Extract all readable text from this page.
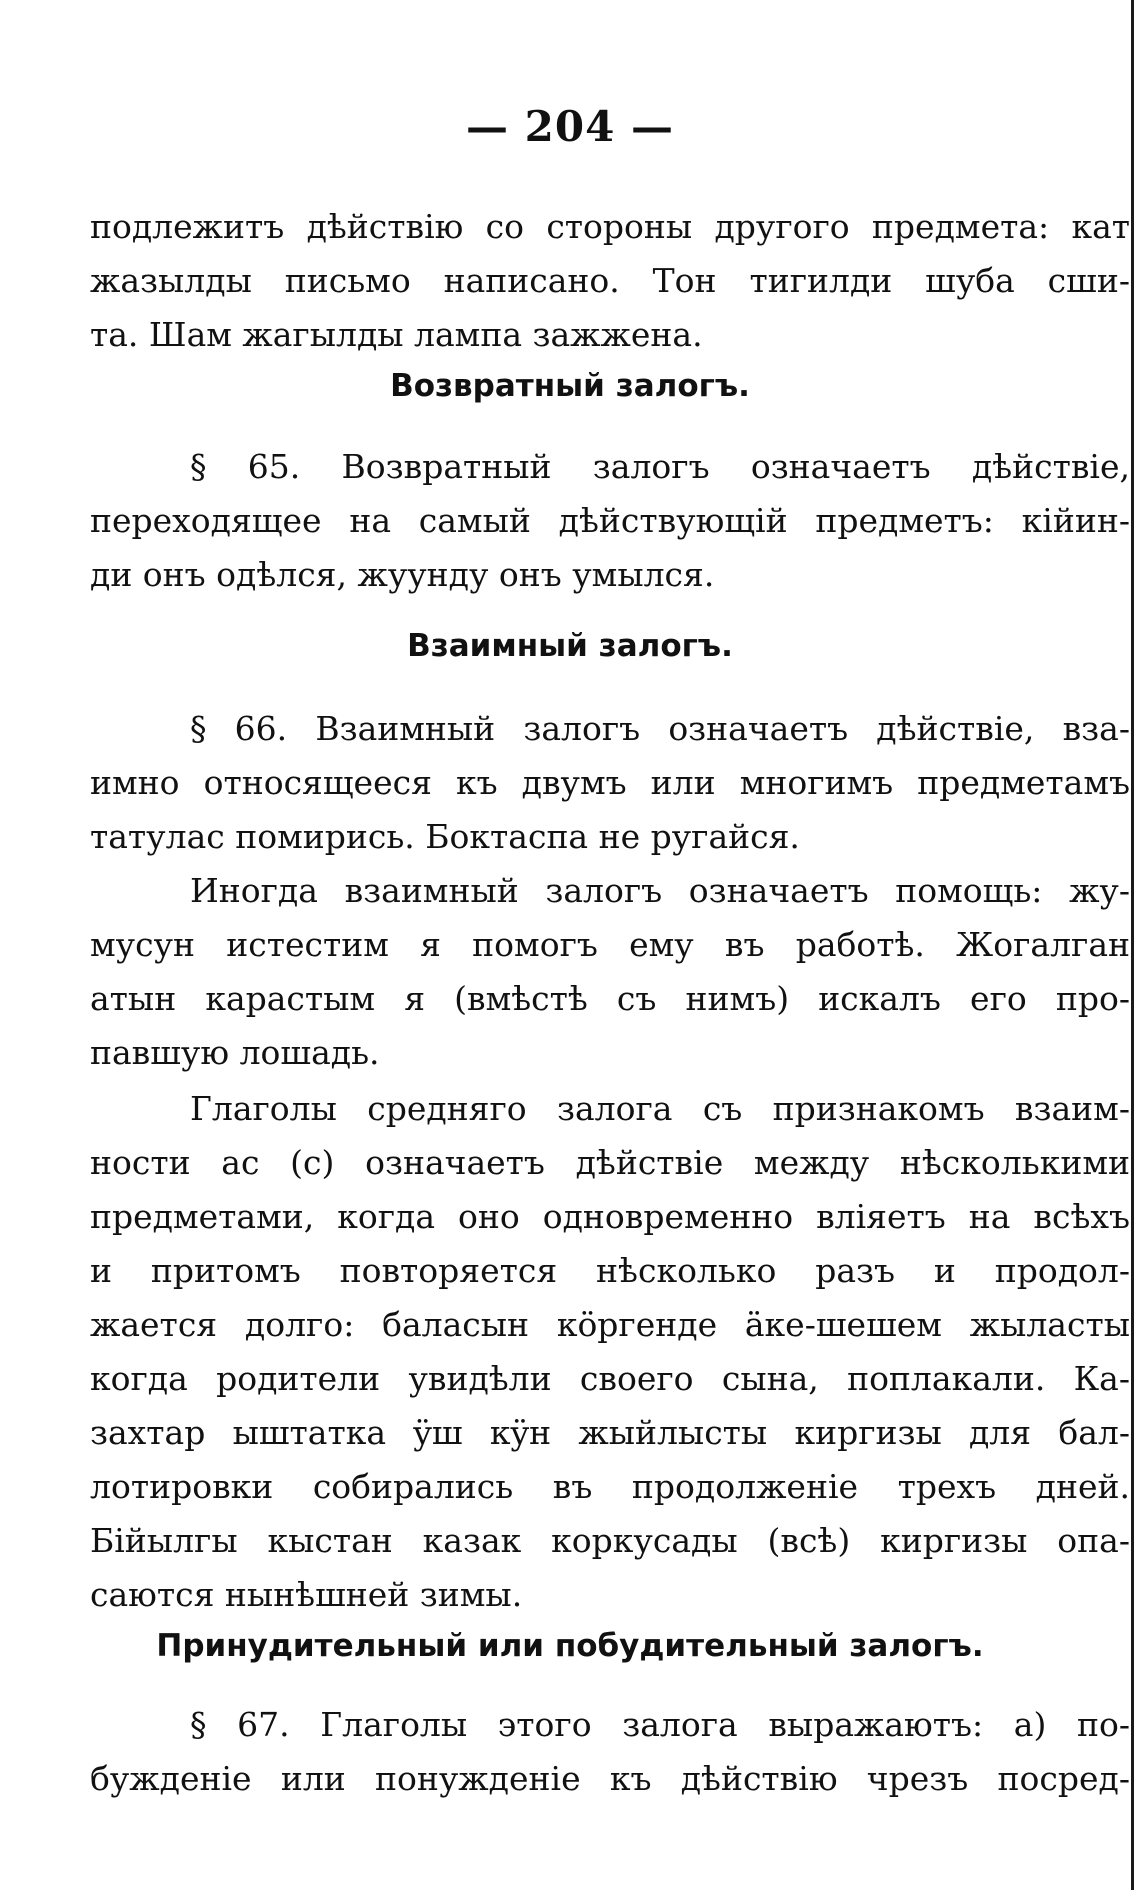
— 204 —
подлежитъ дѣйствію со стороны другого предмета: кат
жазылды письмо написано. Тон тигилди шуба сши-
та. Шам жагылды лампа зажжена.
Возвратный залогъ.
§ 65. Возвратный залогъ означаетъ дѣйствіе,
переходящее на самый дѣйствующій предметъ: кійин-
ди онъ одѣлся, жуунду онъ умылся.
Взаимный залогъ.
§ 66. Взаимный залогъ означаетъ дѣйствіе, вза-
имно относящееся къ двумъ или многимъ предметамъ
татулас помирись. Боктаспа не ругайся.
Иногда взаимный залогъ означаетъ помощь: жу-
мусун истестим я помогъ ему въ работѣ. Жогалган
атын карастым я (вмѣстѣ съ нимъ) искалъ его про-
павшую лошадь.
Глаголы средняго залога съ признакомъ взаим-
ности ас (с) означаетъ дѣйствіе между нѣсколькими
предметами, когда оно одновременно вліяетъ на всѣхъ
и притомъ повторяется нѣсколько разъ и продол-
жается долго: баласын кöргенде äке-шешем жыласты
когда родители увидѣли своего сына, поплакали. Ка-
захтар ыштатка ÿш кÿн жыйлысты киргизы для бал-
лотировки собирались въ продолженіе трехъ дней.
Бійылгы кыстан казак коркусады (всѣ) киргизы опа-
саются нынѣшней зимы.
Принудительный или побудительный залогъ.
§ 67. Глаголы этого залога выражаютъ: а) по-
бужденіе или понужденіе къ дѣйствію чрезъ посред-
